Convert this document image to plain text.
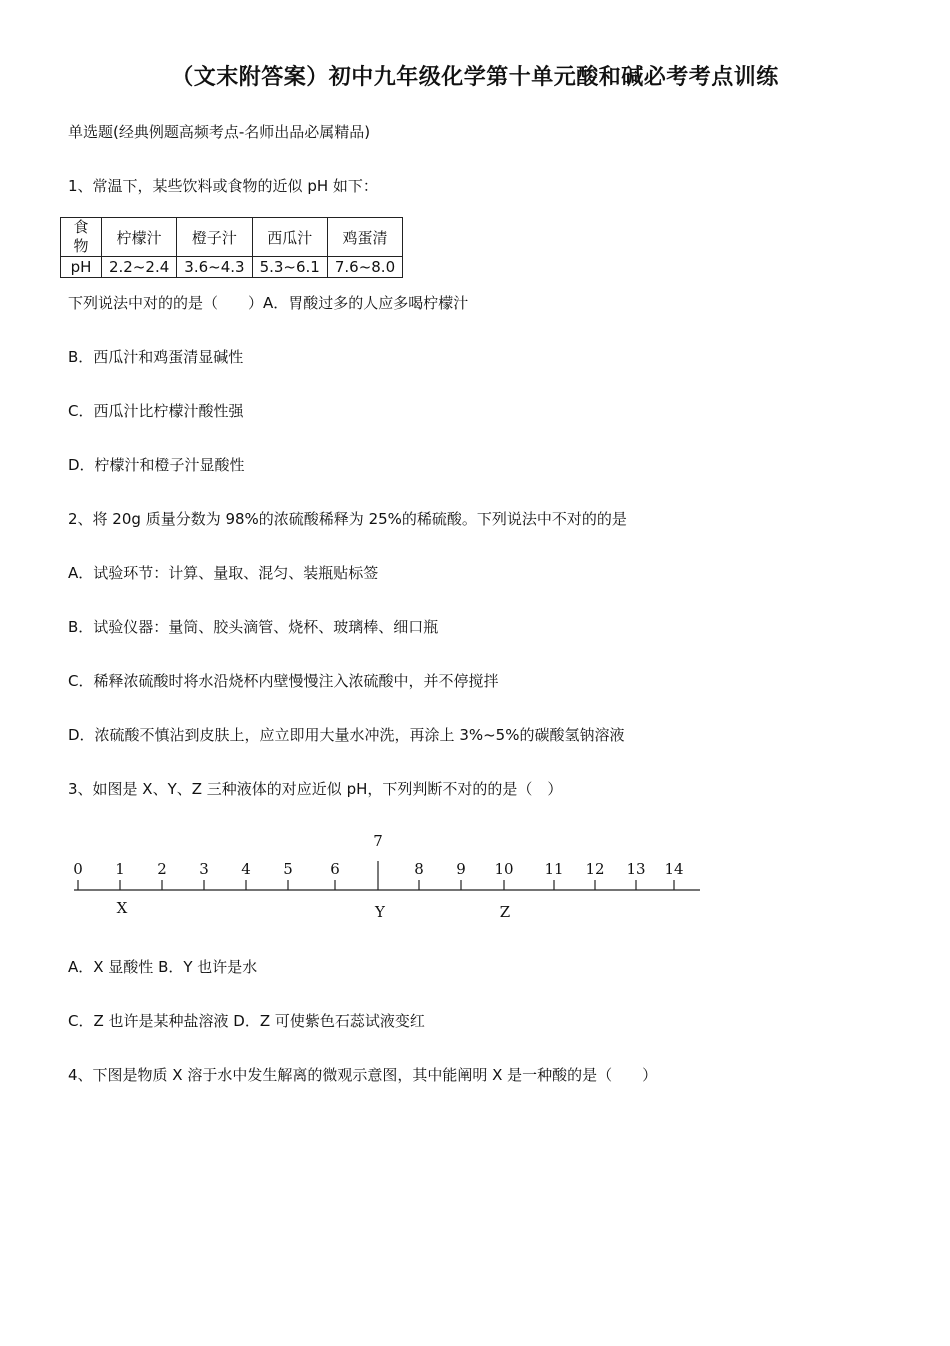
（文末附答案）初中九年级化学第十单元酸和碱必考考点训练
单选题(经典例题高频考点-名师出品必属精品)
1、常温下，某些饮料或食物的近似 pH 如下：
食物	柠檬汁	橙子汁	西瓜汁	鸡蛋清
pH	2.2~2.4	3.6~4.3	5.3~6.1	7.6~8.0
下列说法中对的的是（　　）A．胃酸过多的人应多喝柠檬汁
B．西瓜汁和鸡蛋清显碱性
C．西瓜汁比柠檬汁酸性强
D．柠檬汁和橙子汁显酸性
2、将 20g 质量分数为 98%的浓硫酸稀释为 25%的稀硫酸。下列说法中不对的的是
A．试验环节：计算、量取、混匀、装瓶贴标签
B．试验仪器：量筒、胶头滴管、烧杯、玻璃棒、细口瓶
C．稀释浓硫酸时将水沿烧杯内壁慢慢注入浓硫酸中，并不停搅拌
D．浓硫酸不慎沾到皮肤上，应立即用大量水冲洗，再涂上 3%~5%的碳酸氢钠溶液
3、如图是 X、Y、Z 三种液体的对应近似 pH，下列判断不对的的是（　）
0 1 2 3 4 5 6
7
8 9 10 11 12 13 14
X	Y	Z
A．X 显酸性 B．Y 也许是水
C．Z 也许是某种盐溶液 D．Z 可使紫色石蕊试液变红
4、下图是物质 X 溶于水中发生解离的微观示意图，其中能阐明 X 是一种酸的是（　　）
